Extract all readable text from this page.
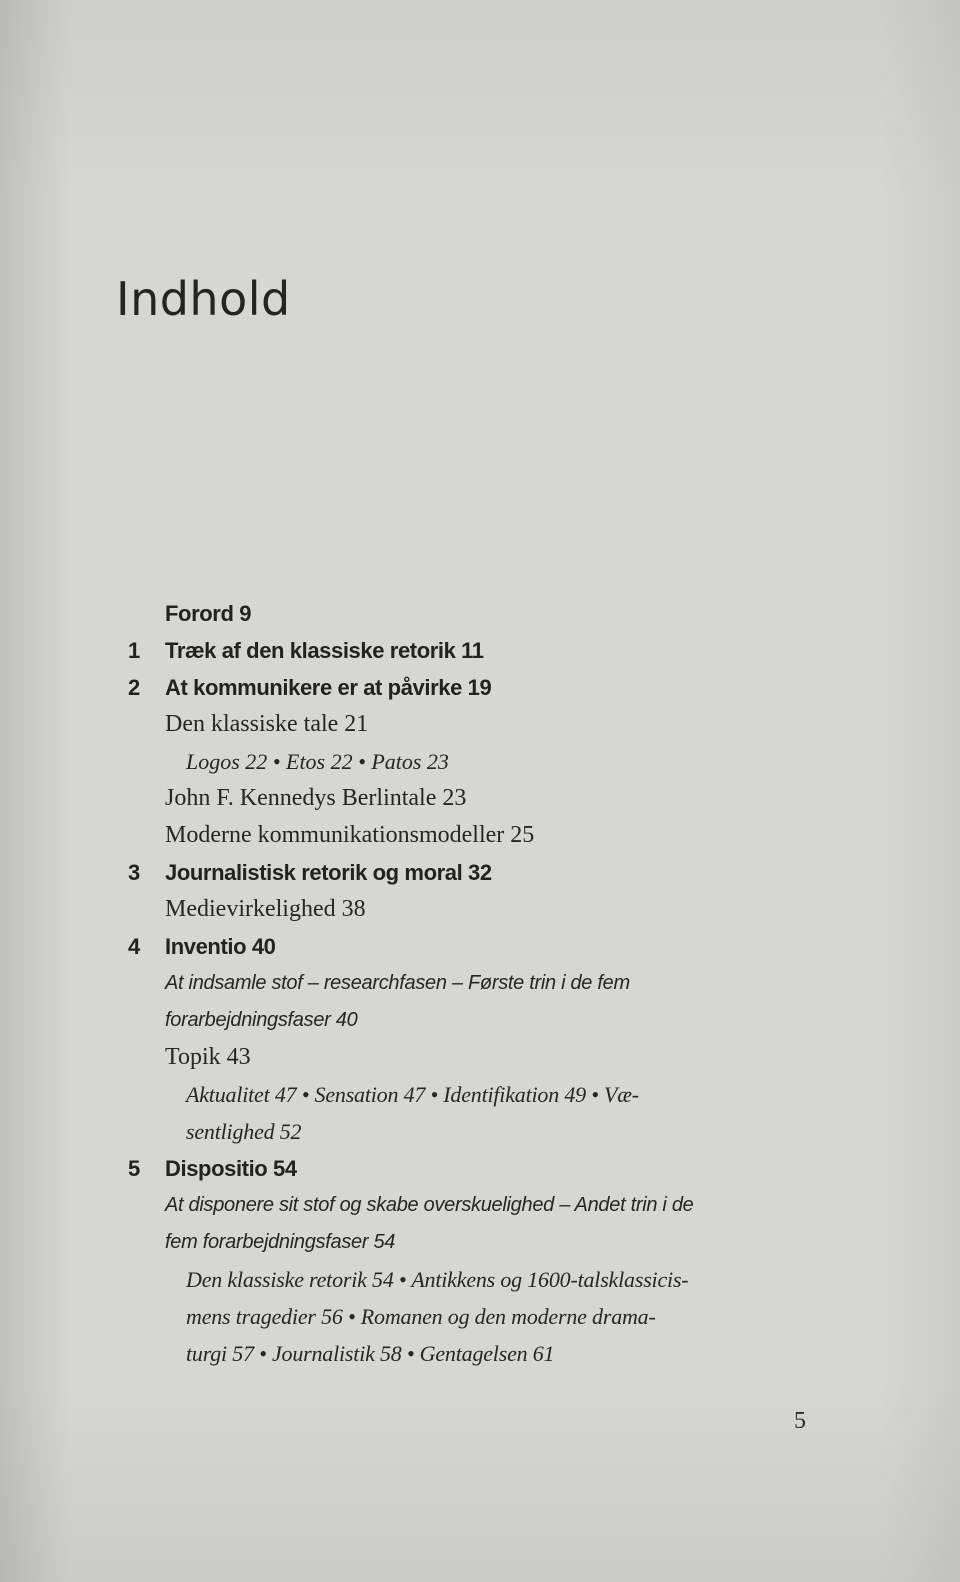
Indhold
Forord 9
1 Træk af den klassiske retorik 11
2 At kommunikere er at påvirke 19
Den klassiske tale 21
Logos 22 • Etos 22 • Patos 23
John F. Kennedys Berlintale 23
Moderne kommunikationsmodeller 25
3 Journalistisk retorik og moral 32
Medievirkelighed 38
4 Inventio 40
At indsamle stof – researchfasen – Første trin i de fem
forarbejdningsfaser 40
Topik 43
Aktualitet 47 • Sensation 47 • Identifikation 49 • Væ-
sentlighed 52
5 Dispositio 54
At disponere sit stof og skabe overskuelighed – Andet trin i de
fem forarbejdningsfaser 54
Den klassiske retorik 54 • Antikkens og 1600-talsklassicis-
mens tragedier 56 • Romanen og den moderne drama-
turgi 57 • Journalistik 58 • Gentagelsen 61
5
